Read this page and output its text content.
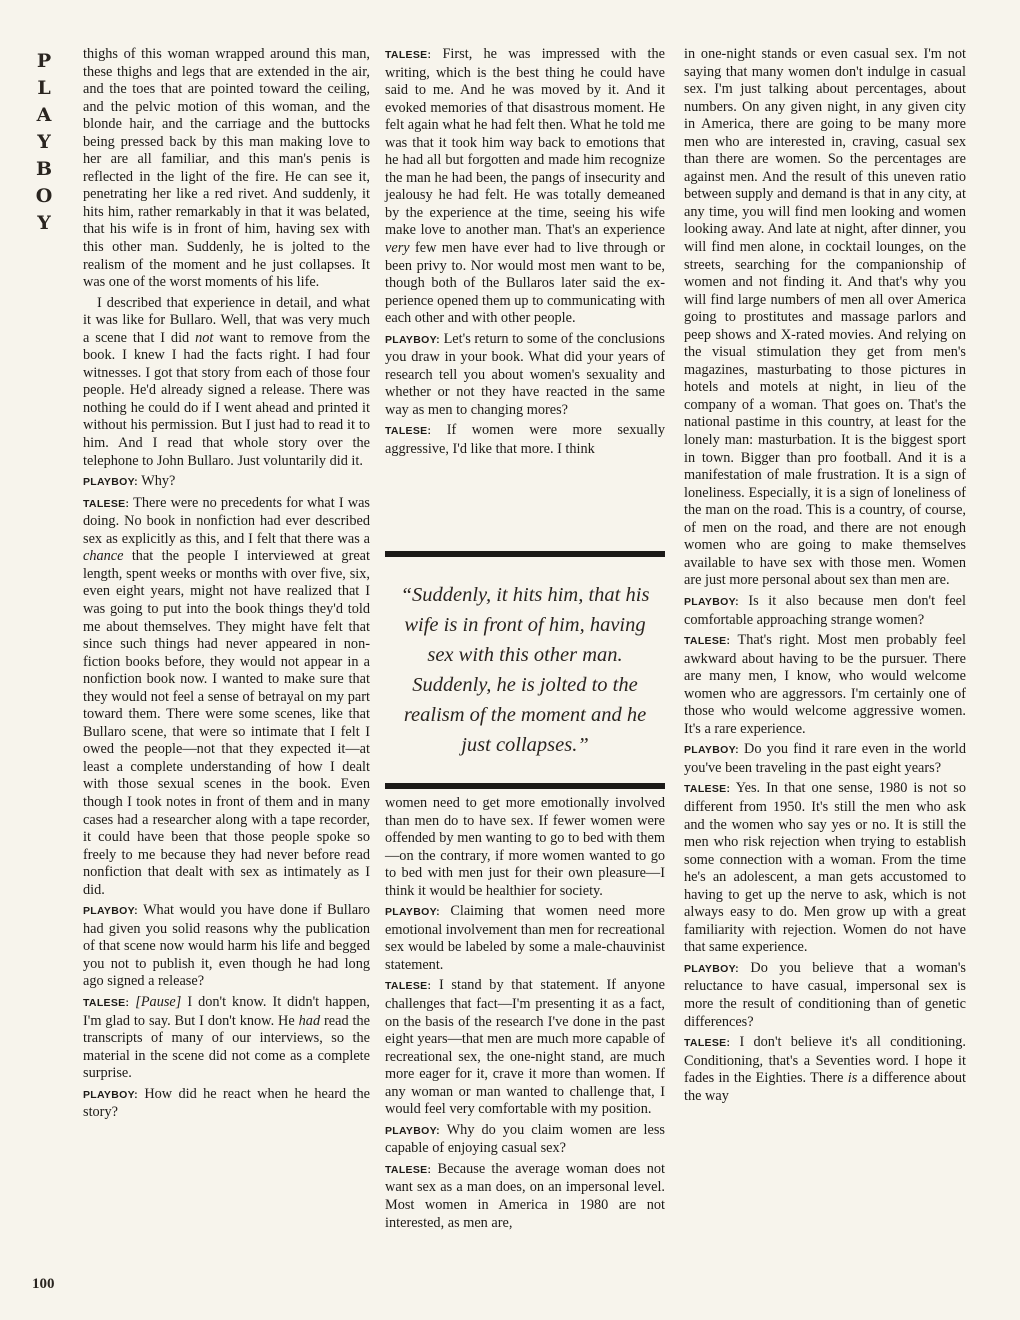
P
L
A
Y
B
O
Y

thighs of this woman wrapped around this man, these thighs and legs that are extended in the air, and the toes that are pointed toward the ceiling, and the pelvic motion of this woman, and the blonde hair, and the carriage and the buttocks being pressed back by this man making love to her are all familiar, and this man's penis is reflected in the light of the fire. He can see it, penetrating her like a red rivet. And suddenly, it hits him, rather remarkably in that it was belated, that his wife is in front of him, having sex with this other man. Suddenly, he is jolted to the realism of the moment and he just collapses. It was one of the worst moments of his life.

I described that experience in detail, and what it was like for Bullaro. Well, that was very much a scene that I did not want to remove from the book. I knew I had the facts right. I had four witnesses. I got that story from each of those four people. He'd already signed a release. There was nothing he could do if I went ahead and printed it without his permission. But I just had to read it to him. And I read that whole story over the telephone to John Bullaro. Just voluntarily did it.

PLAYBOY: Why?

TALESE: There were no precedents for what I was doing. No book in nonfiction had ever described sex as explicitly as this, and I felt that there was a chance that the people I interviewed at great length, spent weeks or months with over five, six, even eight years, might not have realized that I was going to put into the book things they'd told me about themselves. They might have felt that since such things had never appeared in nonfiction books before, they would not appear in a nonfiction book now. I wanted to make sure that they would not feel a sense of betrayal on my part toward them. There were some scenes, like that Bullaro scene, that were so intimate that I felt I owed the people—not that they expected it—at least a complete understanding of how I dealt with those sexual scenes in the book. Even though I took notes in front of them and in many cases had a researcher along with a tape recorder, it could have been that those people spoke so freely to me because they had never before read nonfiction that dealt with sex as intimately as I did.

PLAYBOY: What would you have done if Bullaro had given you solid reasons why the publication of that scene now would harm his life and begged you not to publish it, even though he had long ago signed a release?

TALESE: [Pause] I don't know. It didn't happen, I'm glad to say. But I don't know. He had read the transcripts of many of our interviews, so the material in the scene did not come as a complete surprise.

PLAYBOY: How did he react when he heard the story?

TALESE: First, he was impressed with the writing, which is the best thing he could have said to me. And he was moved by it. And it evoked memories of that disastrous moment. He felt again what he had felt then. What he told me was that it took him way back to emotions that he had all but forgotten and made him recognize the man he had been, the pangs of insecurity and jealousy he had felt. He was totally demeaned by the experience at the time, seeing his wife make love to another man. That's an experience very few men have ever had to live through or been privy to. Nor would most men want to be, though both of the Bullaros later said the experience opened them up to communicating with each other and with other people.

PLAYBOY: Let's return to some of the conclusions you draw in your book. What did your years of research tell you about women's sexuality and whether or not they have reacted in the same way as men to changing mores?

TALESE: If women were more sexually aggressive, I'd like that more. I think

“Suddenly, it hits him, that his wife is in front of him, having sex with this other man. Suddenly, he is jolted to the realism of the moment and he just collapses.”

women need to get more emotionally involved than men do to have sex. If fewer women were offended by men wanting to go to bed with them—on the contrary, if more women wanted to go to bed with men just for their own pleasure—I think it would be healthier for society.

PLAYBOY: Claiming that women need more emotional involvement than men for recreational sex would be labeled by some a male-chauvinist statement.

TALESE: I stand by that statement. If anyone challenges that fact—I'm presenting it as a fact, on the basis of the research I've done in the past eight years—that men are much more capable of recreational sex, the one-night stand, are much more eager for it, crave it more than women. If any woman or man wanted to challenge that, I would feel very comfortable with my position.

PLAYBOY: Why do you claim women are less capable of enjoying casual sex?

TALESE: Because the average woman does not want sex as a man does, on an impersonal level. Most women in America in 1980 are not interested, as men are,

in one-night stands or even casual sex. I'm not saying that many women don't indulge in casual sex. I'm just talking about percentages, about numbers. On any given night, in any given city in America, there are going to be many more men who are interested in, craving, casual sex than there are women. So the percentages are against men. And the result of this uneven ratio between supply and demand is that in any city, at any time, you will find men looking and women looking away. And late at night, after dinner, you will find men alone, in cocktail lounges, on the streets, searching for the companionship of women and not finding it. And that's why you will find large numbers of men all over America going to prostitutes and massage parlors and peep shows and X-rated movies. And relying on the visual stimulation they get from men's magazines, masturbating to those pictures in hotels and motels at night, in lieu of the company of a woman. That goes on. That's the national pastime in this country, at least for the lonely man: masturbation. It is the biggest sport in town. Bigger than pro football. And it is a manifestation of male frustration. It is a sign of loneliness. Especially, it is a sign of loneliness of the man on the road. This is a country, of course, of men on the road, and there are not enough women who are going to make themselves available to have sex with those men. Women are just more personal about sex than men are.

PLAYBOY: Is it also because men don't feel comfortable approaching strange women?

TALESE: That's right. Most men probably feel awkward about having to be the pursuer. There are many men, I know, who would welcome women who are aggressors. I'm certainly one of those who would welcome aggressive women. It's a rare experience.

PLAYBOY: Do you find it rare even in the world you've been traveling in the past eight years?

TALESE: Yes. In that one sense, 1980 is not so different from 1950. It's still the men who ask and the women who say yes or no. It is still the men who risk rejection when trying to establish some connection with a woman. From the time he's an adolescent, a man gets accustomed to having to get up the nerve to ask, which is not always easy to do. Men grow up with a great familiarity with rejection. Women do not have that same experience.

PLAYBOY: Do you believe that a woman's reluctance to have casual, impersonal sex is more the result of conditioning than of genetic differences?

TALESE: I don't believe it's all conditioning. Conditioning, that's a Seventies word. I hope it fades in the Eighties. There is a difference about the way

100
